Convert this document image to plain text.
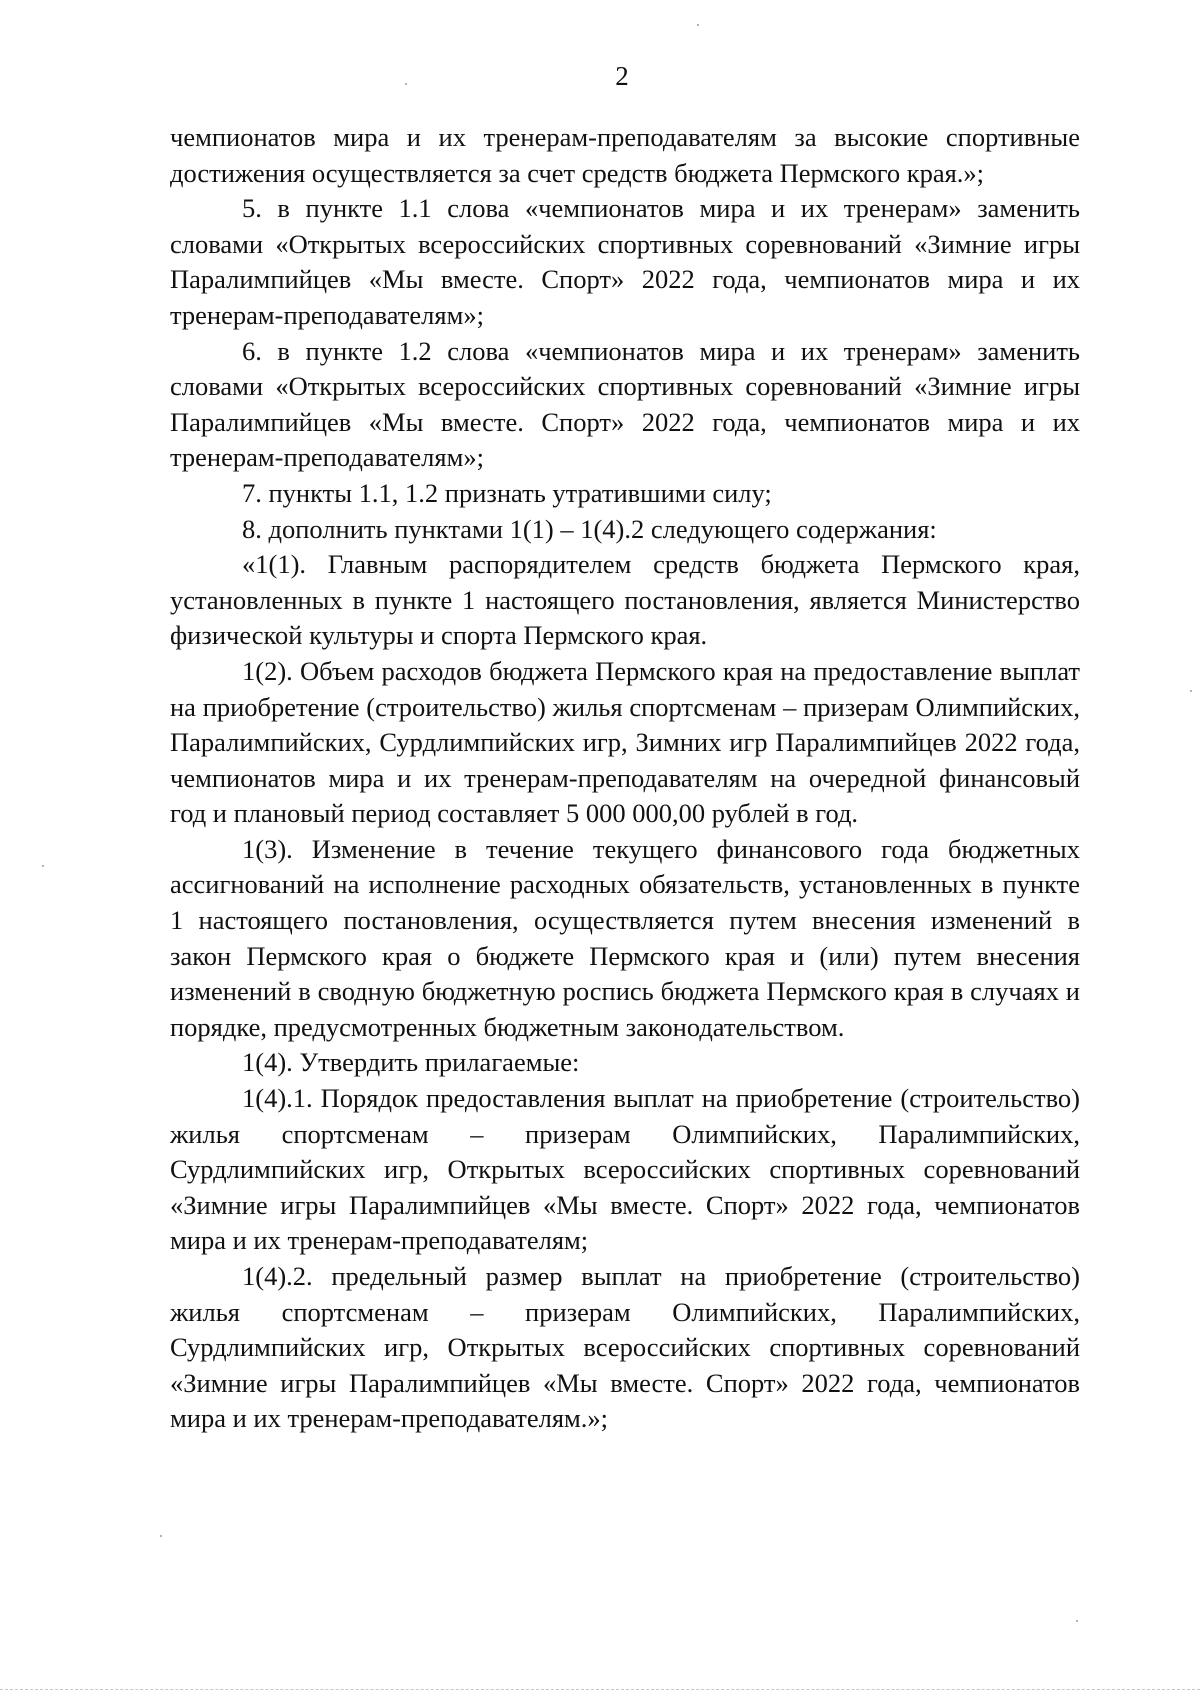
2

чемпионатов мира и их тренерам-преподавателям за высокие спортивные достижения осуществляется за счет средств бюджета Пермского края.»;

5. в пункте 1.1 слова «чемпионатов мира и их тренерам» заменить словами «Открытых всероссийских спортивных соревнований «Зимние игры Паралимпийцев «Мы вместе. Спорт» 2022 года, чемпионатов мира и их тренерам-преподавателям»;

6. в пункте 1.2 слова «чемпионатов мира и их тренерам» заменить словами «Открытых всероссийских спортивных соревнований «Зимние игры Паралимпийцев «Мы вместе. Спорт» 2022 года, чемпионатов мира и их тренерам-преподавателям»;

7. пункты 1.1, 1.2 признать утратившими силу;

8. дополнить пунктами 1(1) – 1(4).2 следующего содержания:

«1(1). Главным распорядителем средств бюджета Пермского края, установленных в пункте 1 настоящего постановления, является Министерство физической культуры и спорта Пермского края.

1(2). Объем расходов бюджета Пермского края на предоставление выплат на приобретение (строительство) жилья спортсменам – призерам Олимпийских, Паралимпийских, Сурдлимпийских игр, Зимних игр Паралимпийцев 2022 года, чемпионатов мира и их тренерам-преподавателям на очередной финансовый год и плановый период составляет 5 000 000,00 рублей в год.

1(3). Изменение в течение текущего финансового года бюджетных ассигнований на исполнение расходных обязательств, установленных в пункте 1 настоящего постановления, осуществляется путем внесения изменений в закон Пермского края о бюджете Пермского края и (или) путем внесения изменений в сводную бюджетную роспись бюджета Пермского края в случаях и порядке, предусмотренных бюджетным законодательством.

1(4). Утвердить прилагаемые:

1(4).1. Порядок предоставления выплат на приобретение (строительство) жилья спортсменам – призерам Олимпийских, Паралимпийских, Сурдлимпийских игр, Открытых всероссийских спортивных соревнований «Зимние игры Паралимпийцев «Мы вместе. Спорт» 2022 года, чемпионатов мира и их тренерам-преподавателям;

1(4).2. предельный размер выплат на приобретение (строительство) жилья спортсменам – призерам Олимпийских, Паралимпийских, Сурдлимпийских игр, Открытых всероссийских спортивных соревнований «Зимние игры Паралимпийцев «Мы вместе. Спорт» 2022 года, чемпионатов мира и их тренерам-преподавателям.»;
